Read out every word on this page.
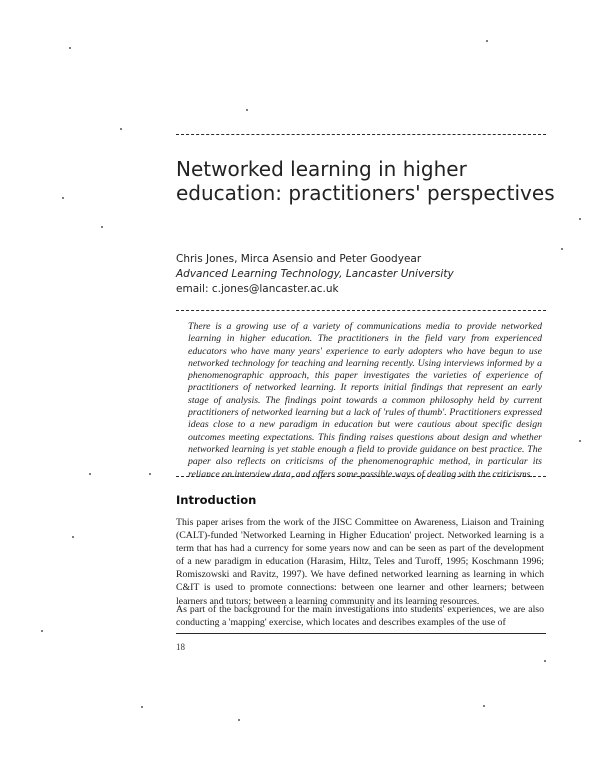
Networked learning in higher education: practitioners' perspectives
Chris Jones, Mirca Asensio and Peter Goodyear
Advanced Learning Technology, Lancaster University
email: c.jones@lancaster.ac.uk

There is a growing use of a variety of communications media to provide networked learning in higher education. The practitioners in the field vary from experienced educators who have many years' experience to early adopters who have begun to use networked technology for teaching and learning recently. Using interviews informed by a phenomenographic approach, this paper investigates the varieties of experience of practitioners of networked learning. It reports initial findings that represent an early stage of analysis. The findings point towards a common philosophy held by current practitioners of networked learning but a lack of 'rules of thumb'. Practitioners expressed ideas close to a new paradigm in education but were cautious about specific design outcomes meeting expectations. This finding raises questions about design and whether networked learning is yet stable enough a field to provide guidance on best practice. The paper also reflects on criticisms of the phenomenographic method, in particular its reliance on interview data, and offers some possible ways of dealing with the criticisms.

Introduction

This paper arises from the work of the JISC Committee on Awareness, Liaison and Training (CALT)-funded 'Networked Learning in Higher Education' project. Networked learning is a term that has had a currency for some years now and can be seen as part of the development of a new paradigm in education (Harasim, Hiltz, Teles and Turoff, 1995; Koschmann 1996; Romiszowski and Ravitz, 1997). We have defined networked learning as learning in which C&IT is used to promote connections: between one learner and other learners; between learners and tutors; between a learning community and its learning resources.

As part of the background for the main investigations into students' experiences, we are also conducting a 'mapping' exercise, which locates and describes examples of the use of

18
